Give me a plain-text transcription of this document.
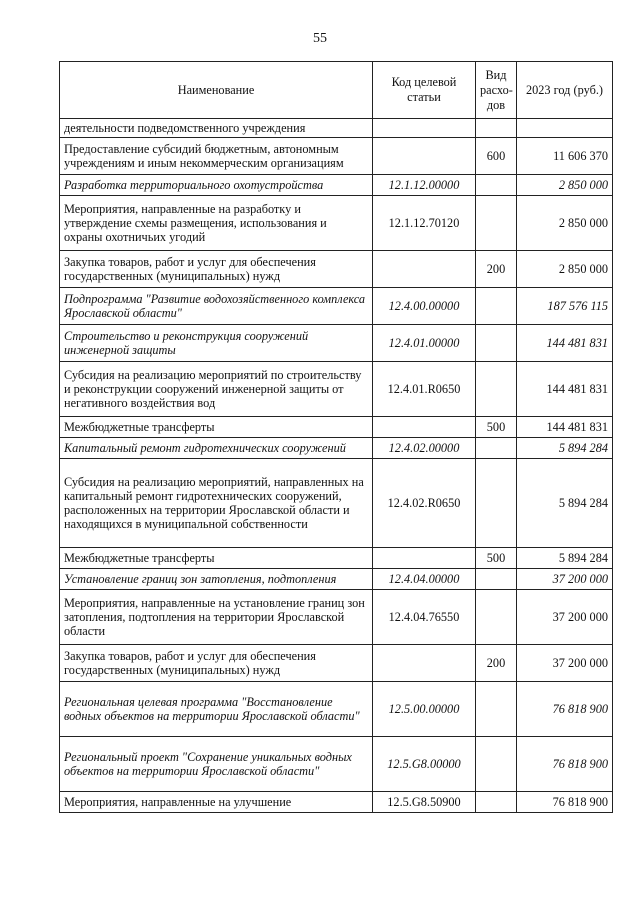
55
Наименование	Код целевой статьи	Вид расхо-дов	2023 год (руб.)
деятельности подведомственного учреждения			
Предоставление субсидий бюджетным, автономным учреждениям и иным некоммерческим организациям		600	11 606 370
Разработка территориального охотустройства	12.1.12.00000		2 850 000
Мероприятия, направленные на разработку и утверждение схемы размещения, использования и охраны охотничьих угодий	12.1.12.70120		2 850 000
Закупка товаров, работ и услуг для обеспечения государственных (муниципальных) нужд		200	2 850 000
Подпрограмма "Развитие водохозяйственного комплекса Ярославской области"	12.4.00.00000		187 576 115
Строительство и реконструкция сооружений инженерной защиты	12.4.01.00000		144 481 831
Субсидия на реализацию мероприятий по строительству и реконструкции сооружений инженерной защиты от негативного воздействия вод	12.4.01.R0650		144 481 831
Межбюджетные трансферты		500	144 481 831
Капитальный ремонт гидротехнических сооружений	12.4.02.00000		5 894 284
Субсидия на реализацию мероприятий, направленных на капитальный ремонт гидротехнических сооружений, расположенных на территории Ярославской области и находящихся в муниципальной собственности	12.4.02.R0650		5 894 284
Межбюджетные трансферты		500	5 894 284
Установление границ зон затопления, подтопления	12.4.04.00000		37 200 000
Мероприятия, направленные на установление границ зон затопления, подтопления на территории Ярославской области	12.4.04.76550		37 200 000
Закупка товаров, работ и услуг для обеспечения государственных (муниципальных) нужд		200	37 200 000
Региональная целевая программа "Восстановление водных объектов на территории Ярославской области"	12.5.00.00000		76 818 900
Региональный проект "Сохранение уникальных водных объектов на территории Ярославской области"	12.5.G8.00000		76 818 900
Мероприятия, направленные на улучшение	12.5.G8.50900		76 818 900
